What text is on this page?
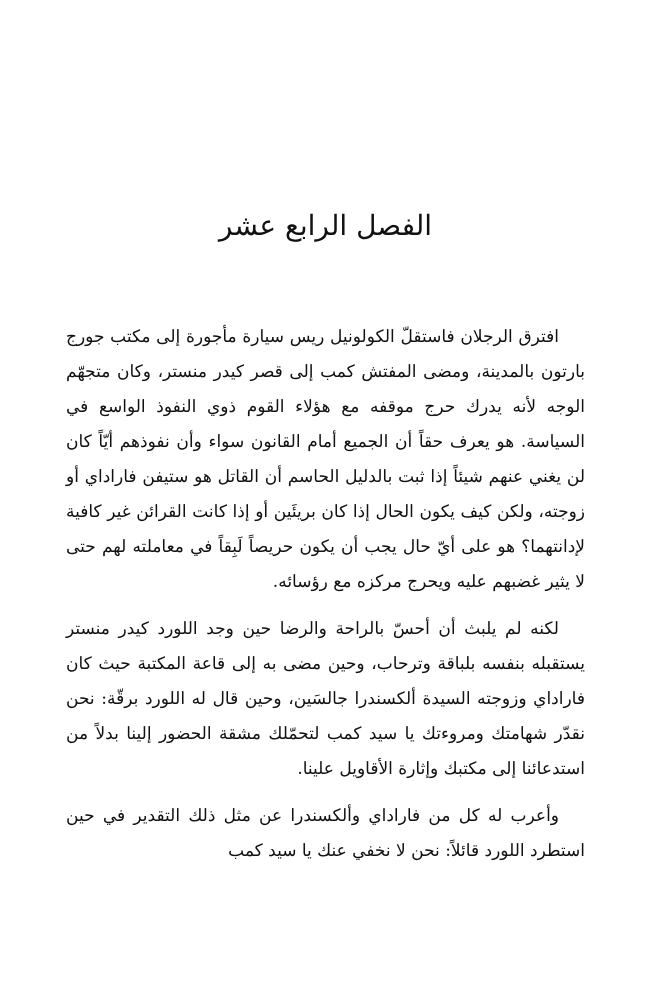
الفصل الرابع عشر

افترق الرجلان فاستقلّ الكولونيل ريس سيارة مأجورة إلى مكتب جورج بارتون بالمدينة، ومضى المفتش كمب إلى قصر كيدر منستر، وكان متجهّم الوجه لأنه يدرك حرج موقفه مع هؤلاء القوم ذوي النفوذ الواسع في السياسة. هو يعرف حقاً أن الجميع أمام القانون سواء وأن نفوذهم أيّاً كان لن يغني عنهم شيئاً إذا ثبت بالدليل الحاسم أن القاتل هو ستيفن فاراداي أو زوجته، ولكن كيف يكون الحال إذا كان بريئَين أو إذا كانت القرائن غير كافية لإدانتهما؟ هو على أيّ حال يجب أن يكون حريصاً لَبِقاً في معاملته لهم حتى لا يثير غضبهم عليه ويحرج مركزه مع رؤسائه.

لكنه لم يلبث أن أحسّ بالراحة والرضا حين وجد اللورد كيدر منستر يستقبله بنفسه بلباقة وترحاب، وحين مضى به إلى قاعة المكتبة حيث كان فاراداي وزوجته السيدة ألكسندرا جالسَين، وحين قال له اللورد برقّة: نحن نقدّر شهامتك ومروءتك يا سيد كمب لتحمّلك مشقة الحضور إلينا بدلاً من استدعائنا إلى مكتبك وإثارة الأقاويل علينا.

وأعرب له كل من فاراداي وألكسندرا عن مثل ذلك التقدير في حين استطرد اللورد قائلاً: نحن لا نخفي عنك يا سيد كمب
